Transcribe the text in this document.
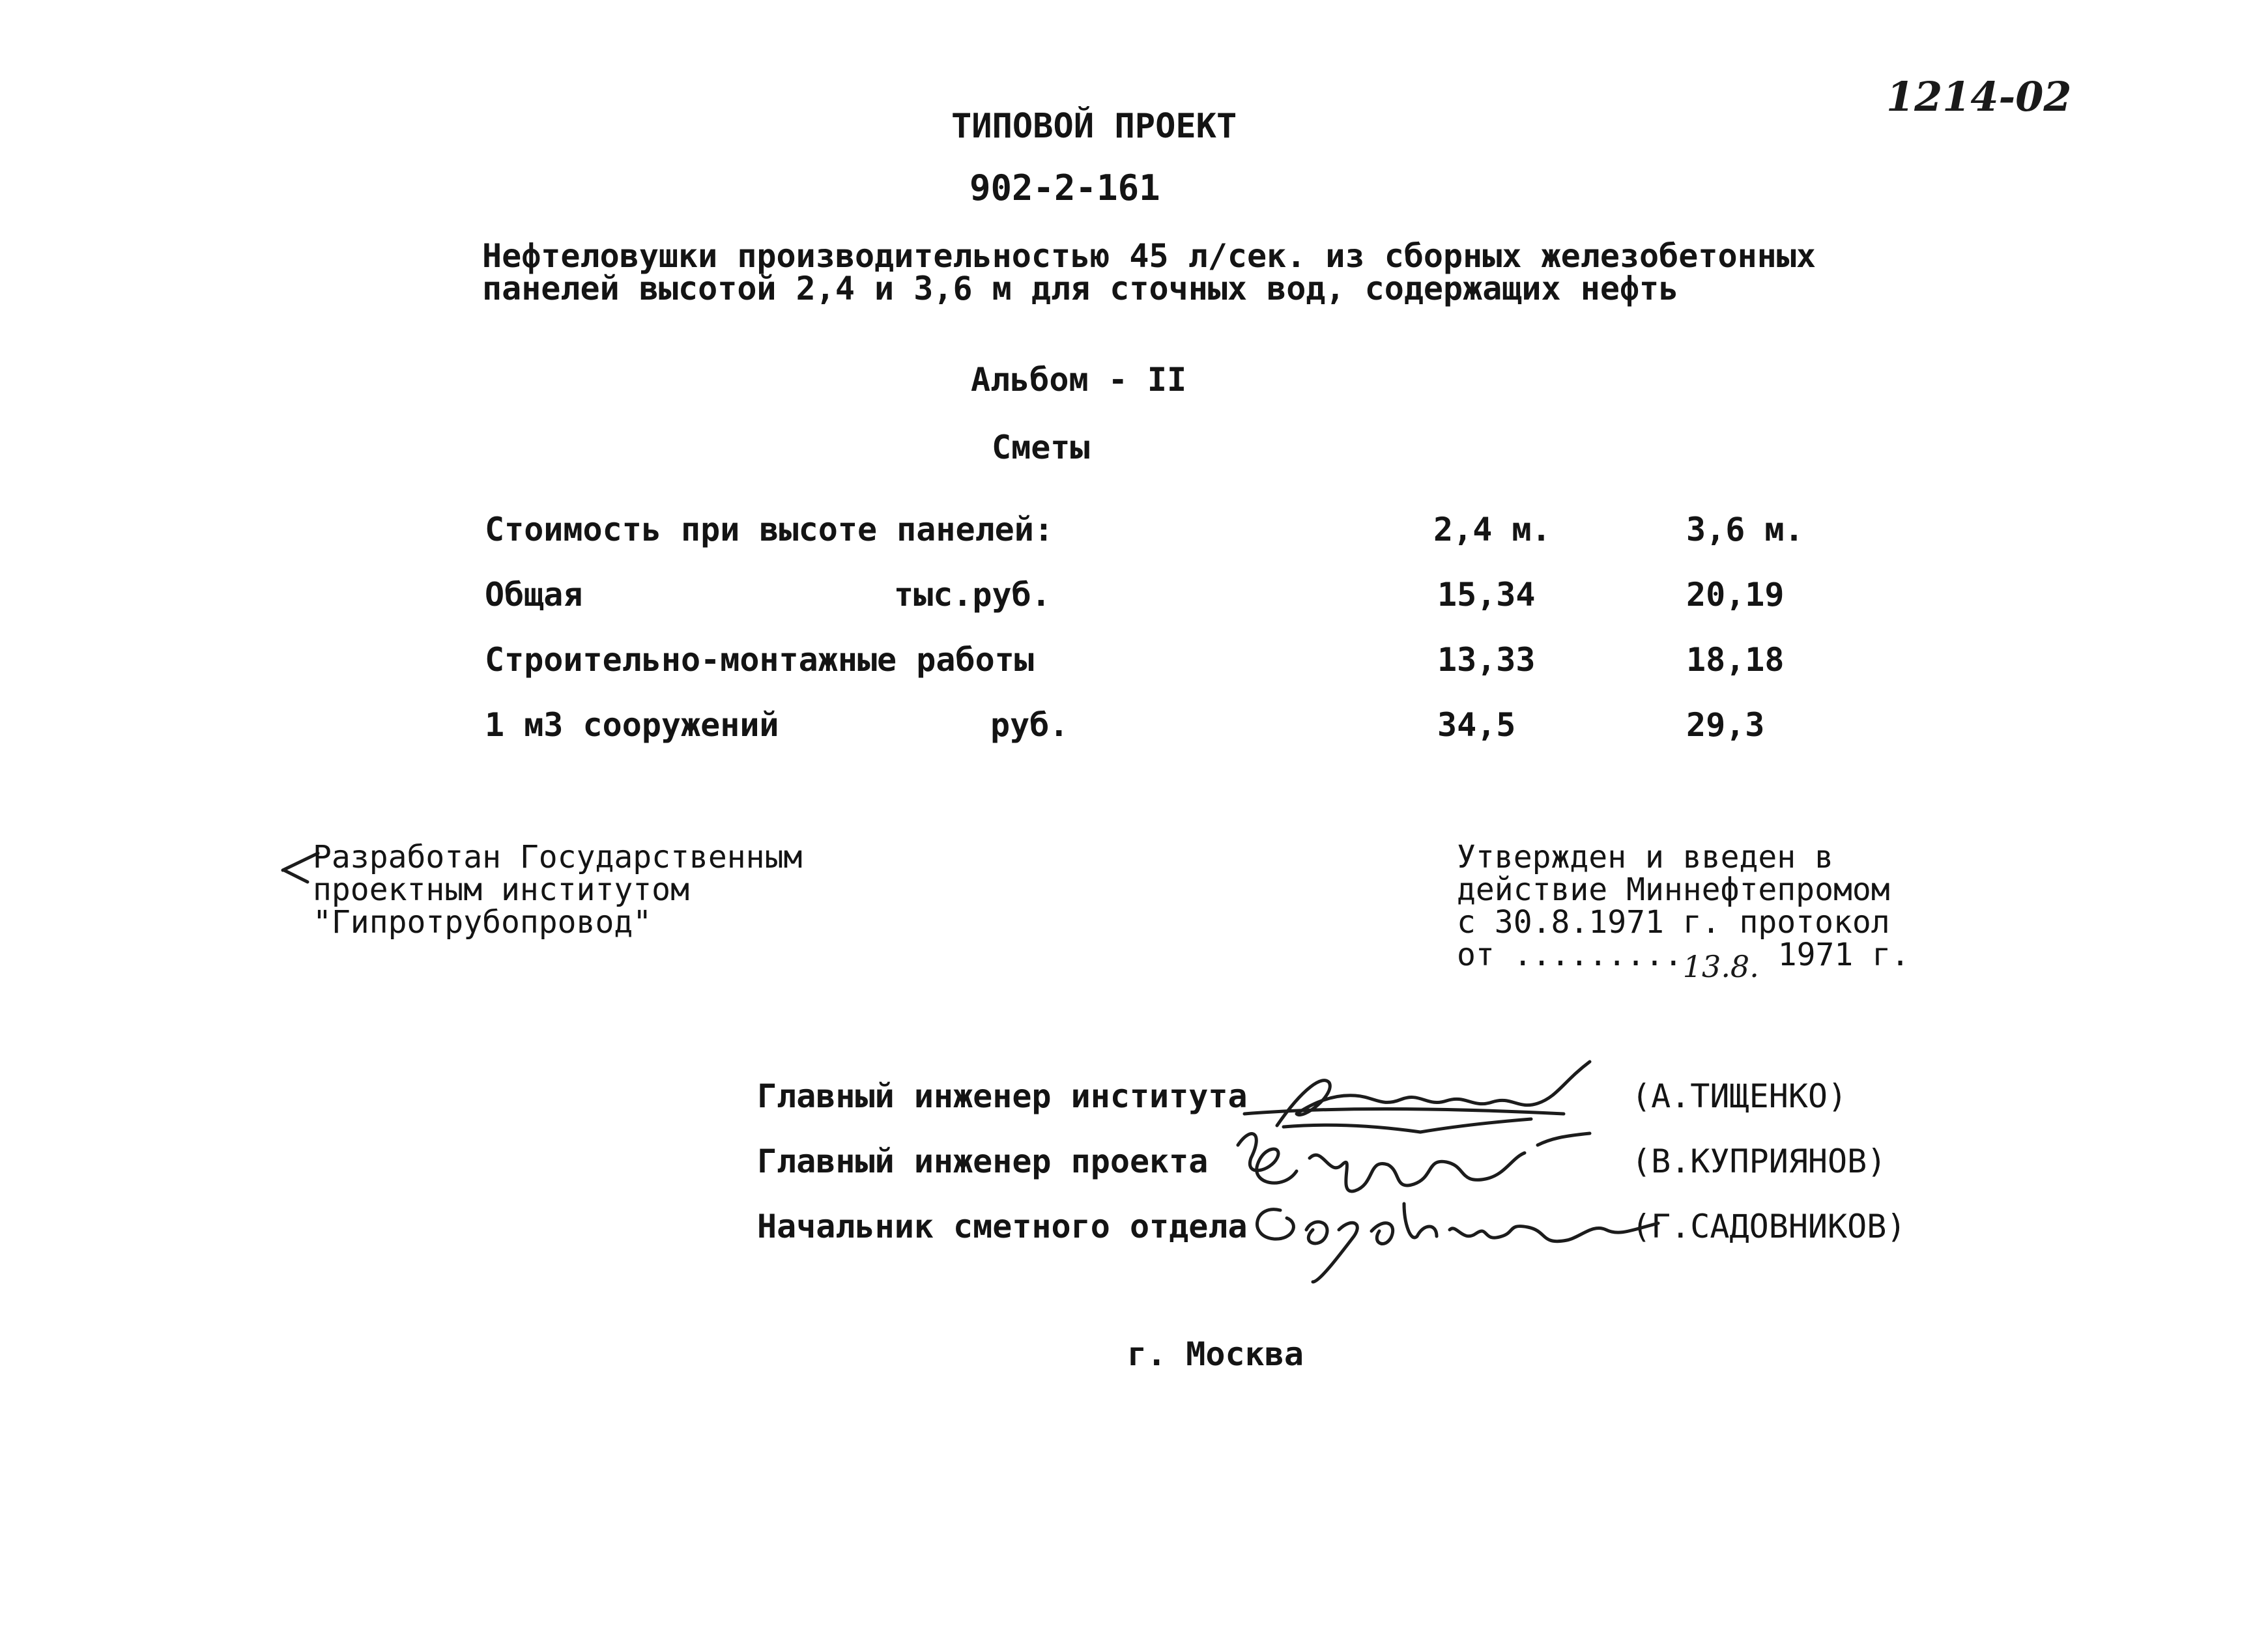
1214-02
ТИПОВОЙ ПРОЕКТ
902-2-161
Нефтеловушки производительностью 45 л/сек. из сборных железобетонных
панелей высотой 2,4 и 3,6 м для сточных вод, содержащих нефть
Альбом - II
Сметы
Стоимость при высоте панелей:	2,4 м.	3,6 м.
Общая	тыс.руб.	15,34	20,19
Строительно-монтажные работы	13,33	18,18
1 м3 сооружений	руб.	34,5	29,3
Разработан Государственным
проектным институтом
"Гипротрубопровод"
Утвержден и введен в
действие Миннефтепромом
с 30.8.1971 г. протокол
от .........13.8. 1971 г.
Главный инженер института	(А.ТИЩЕНКО)
Главный инженер проекта	(В.КУПРИЯНОВ)
Начальник сметного отдела	(Г.САДОВНИКОВ)
г. Москва
